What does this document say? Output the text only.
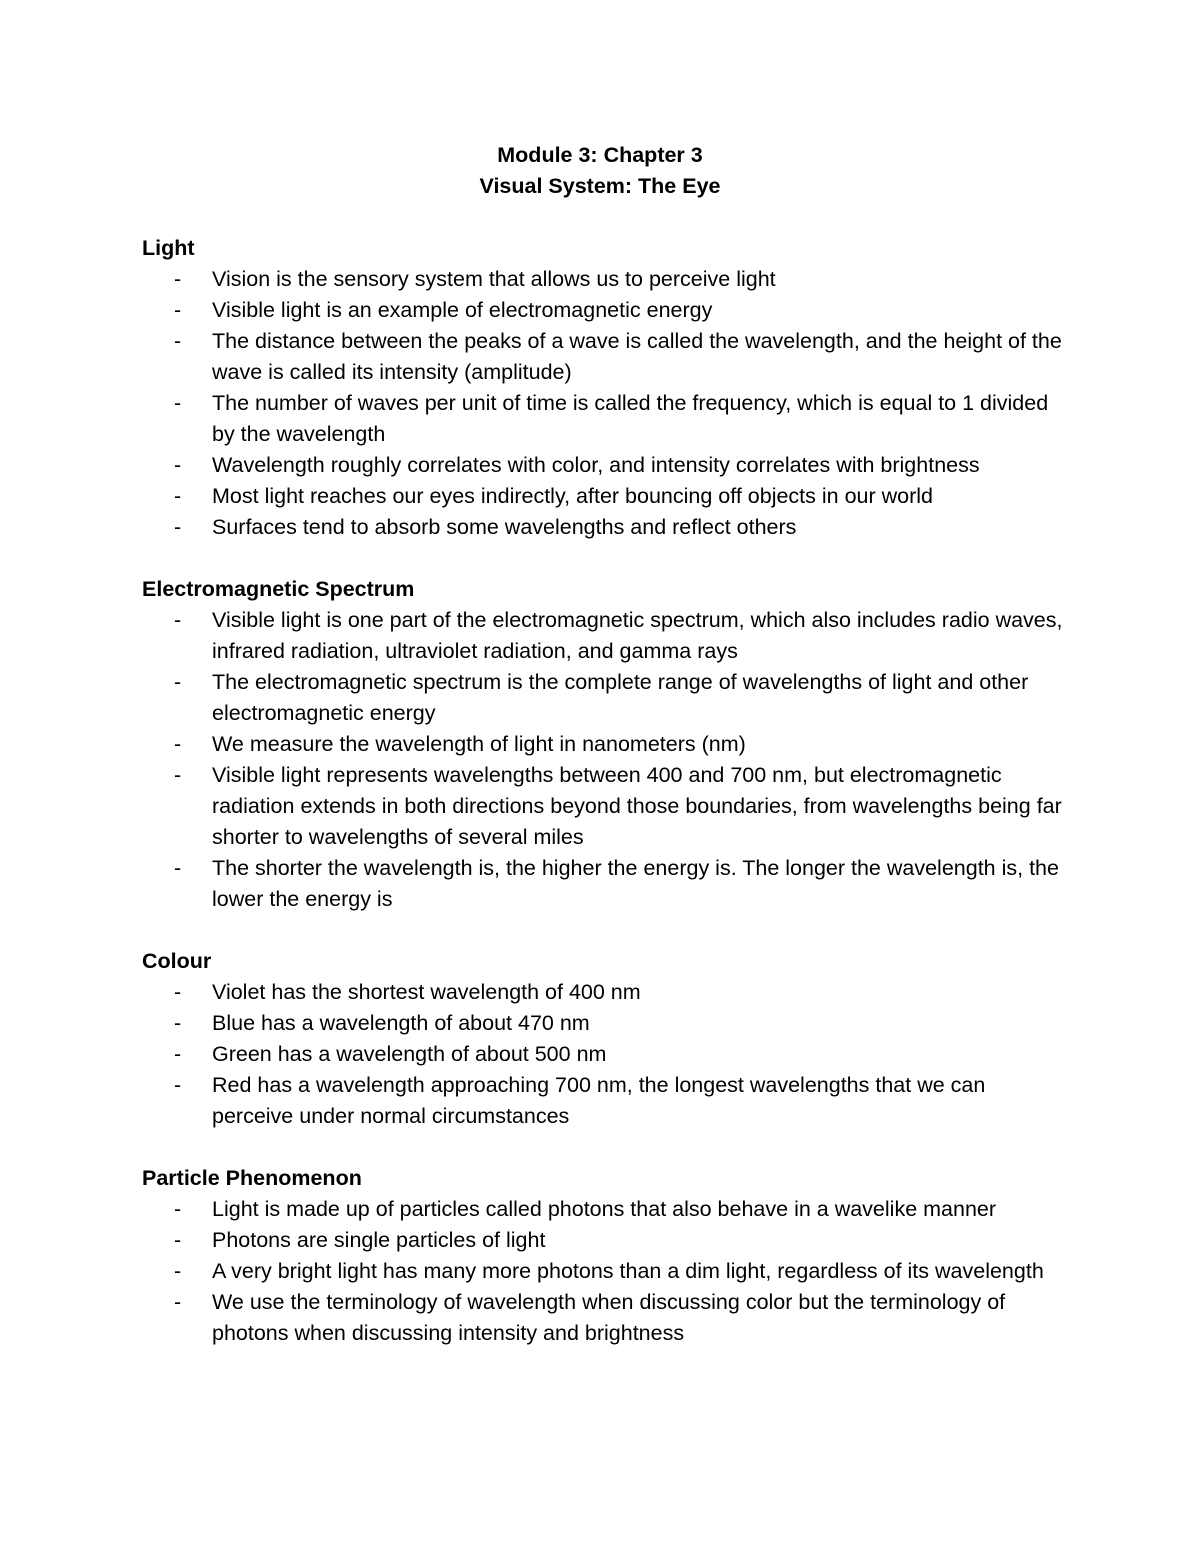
Module 3: Chapter 3
Visual System: The Eye
Light
- Vision is the sensory system that allows us to perceive light
- Visible light is an example of electromagnetic energy
- The distance between the peaks of a wave is called the wavelength, and the height of the wave is called its intensity (amplitude)
- The number of waves per unit of time is called the frequency, which is equal to 1 divided by the wavelength
- Wavelength roughly correlates with color, and intensity correlates with brightness
- Most light reaches our eyes indirectly, after bouncing off objects in our world
- Surfaces tend to absorb some wavelengths and reflect others
Electromagnetic Spectrum
- Visible light is one part of the electromagnetic spectrum, which also includes radio waves, infrared radiation, ultraviolet radiation, and gamma rays
- The electromagnetic spectrum is the complete range of wavelengths of light and other electromagnetic energy
- We measure the wavelength of light in nanometers (nm)
- Visible light represents wavelengths between 400 and 700 nm, but electromagnetic radiation extends in both directions beyond those boundaries, from wavelengths being far shorter to wavelengths of several miles
- The shorter the wavelength is, the higher the energy is. The longer the wavelength is, the lower the energy is
Colour
- Violet has the shortest wavelength of 400 nm
- Blue has a wavelength of about 470 nm
- Green has a wavelength of about 500 nm
- Red has a wavelength approaching 700 nm, the longest wavelengths that we can perceive under normal circumstances
Particle Phenomenon
- Light is made up of particles called photons that also behave in a wavelike manner
- Photons are single particles of light
- A very bright light has many more photons than a dim light, regardless of its wavelength
- We use the terminology of wavelength when discussing color but the terminology of photons when discussing intensity and brightness
